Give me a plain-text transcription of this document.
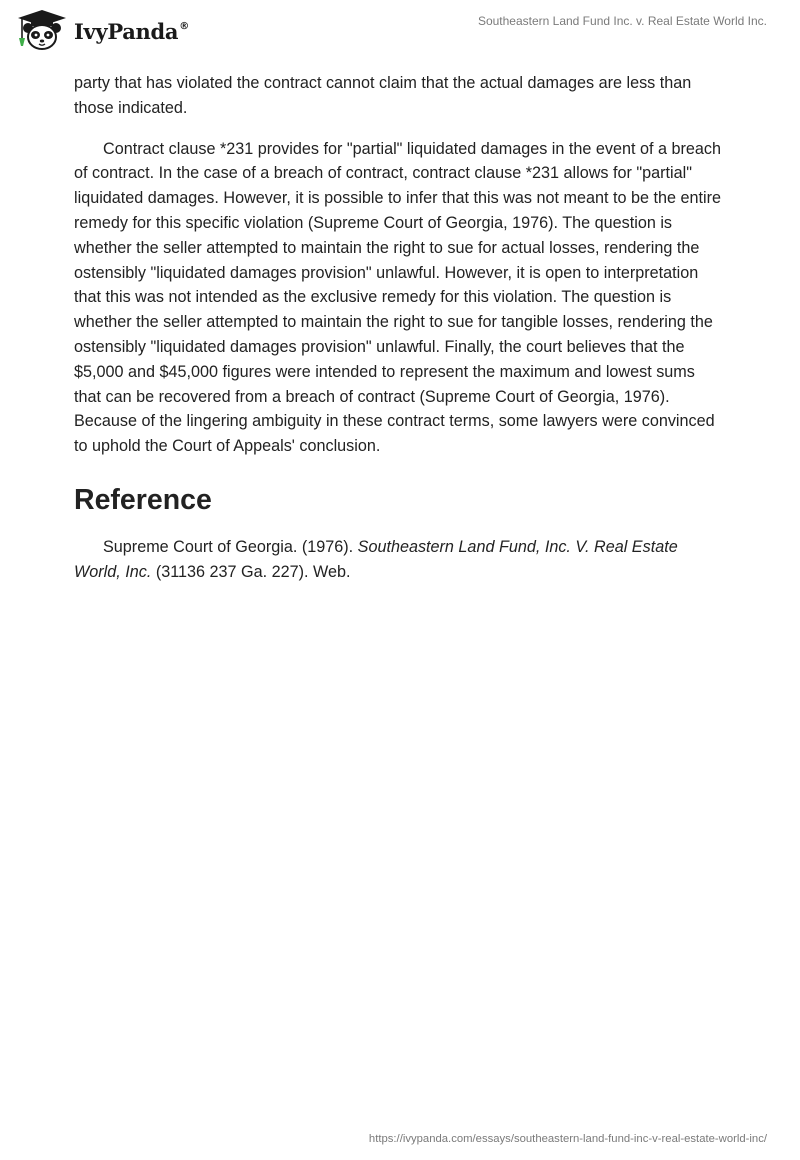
IvyPanda®	Southeastern Land Fund Inc. v. Real Estate World Inc.

party that has violated the contract cannot claim that the actual damages are less than those indicated.

Contract clause *231 provides for "partial" liquidated damages in the event of a breach of contract. In the case of a breach of contract, contract clause *231 allows for "partial" liquidated damages. However, it is possible to infer that this was not meant to be the entire remedy for this specific violation (Supreme Court of Georgia, 1976). The question is whether the seller attempted to maintain the right to sue for actual losses, rendering the ostensibly "liquidated damages provision" unlawful. However, it is open to interpretation that this was not intended as the exclusive remedy for this violation. The question is whether the seller attempted to maintain the right to sue for tangible losses, rendering the ostensibly "liquidated damages provision" unlawful. Finally, the court believes that the $5,000 and $45,000 figures were intended to represent the maximum and lowest sums that can be recovered from a breach of contract (Supreme Court of Georgia, 1976). Because of the lingering ambiguity in these contract terms, some lawyers were convinced to uphold the Court of Appeals' conclusion.

Reference

Supreme Court of Georgia. (1976). Southeastern Land Fund, Inc. V. Real Estate World, Inc. (31136 237 Ga. 227). Web.

https://ivypanda.com/essays/southeastern-land-fund-inc-v-real-estate-world-inc/
